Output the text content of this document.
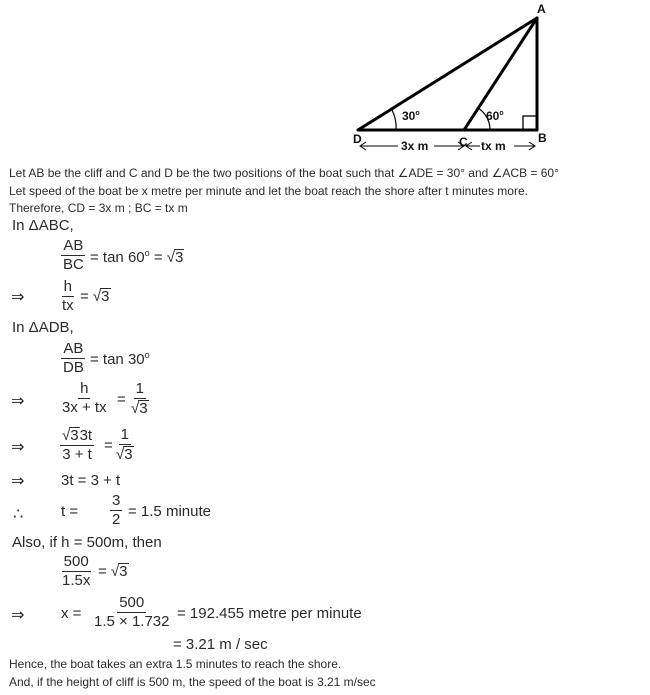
A
B
C
D
30$^o$	60$^o$
3x m	tx m
Let AB be the cliff and C and D be the two positions of the boat such that ∠ADE = 30° and ∠ACB = 60°
Let speed of the boat be x metre per minute and let the boat reach the shore after t minutes more.
Therefore, CD = 3x m ; BC = tx m
In ΔABC,
$\frac{AB}{BC} = \tan 60^o = √3$
⇒ $\frac{h}{tx} = √3$
In ΔADB,
$\frac{AB}{DB} = \tan 30^o$
⇒ $\frac{h}{3x + tx} = \frac{1}{√3}$
⇒ $\frac{√33t}{3 + t} = \frac{1}{√3}$
⇒ 3t = 3 + t
∴	$t = \frac{3}{2} = 1.5$ minute
Also, if h = 500m, then
$\frac{500}{1.5x} = √3$
⇒ $x = \frac{500}{1.5 \times 1.732} = 192.455$ metre per minute
= 3.21 m / sec
Hence, the boat takes an extra 1.5 minutes to reach the shore.
And, if the height of cliff is 500 m, the speed of the boat is 3.21 m/sec
